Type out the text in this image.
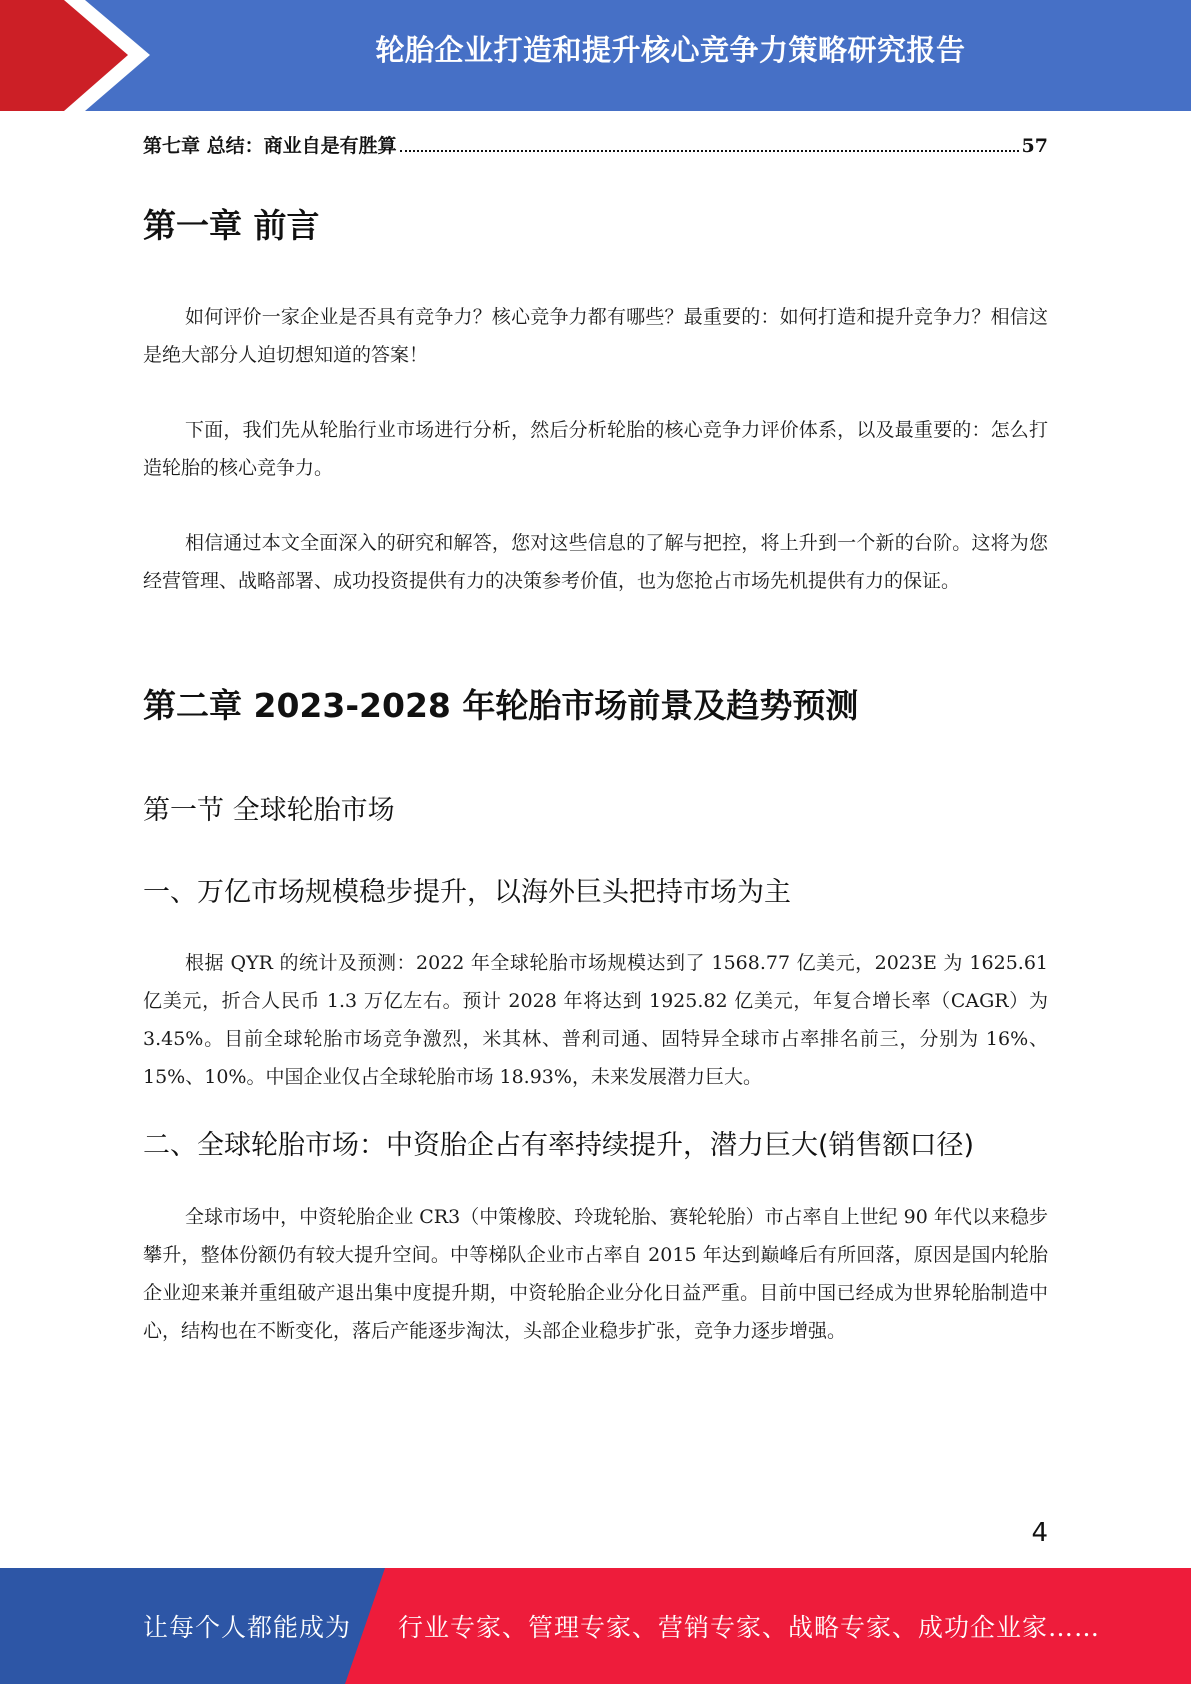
轮胎企业打造和提升核心竞争力策略研究报告
第七章 总结：商业自是有胜算	57
第一章 前言

如何评价一家企业是否具有竞争力？核心竞争力都有哪些？最重要的：如何打造和提升竞争力？相信这是绝大部分人迫切想知道的答案！

下面，我们先从轮胎行业市场进行分析，然后分析轮胎的核心竞争力评价体系，以及最重要的：怎么打造轮胎的核心竞争力。

相信通过本文全面深入的研究和解答，您对这些信息的了解与把控，将上升到一个新的台阶。这将为您经营管理、战略部署、成功投资提供有力的决策参考价值，也为您抢占市场先机提供有力的保证。

第二章 2023-2028 年轮胎市场前景及趋势预测
第一节 全球轮胎市场
一、万亿市场规模稳步提升，以海外巨头把持市场为主

根据 QYR 的统计及预测：2022 年全球轮胎市场规模达到了 1568.77 亿美元，2023E 为 1625.61 亿美元，折合人民币 1.3 万亿左右。预计 2028 年将达到 1925.82 亿美元，年复合增长率（CAGR）为 3.45%。目前全球轮胎市场竞争激烈，米其林、普利司通、固特异全球市占率排名前三，分别为 16%、15%、10%。中国企业仅占全球轮胎市场 18.93%，未来发展潜力巨大。

二、全球轮胎市场：中资胎企占有率持续提升，潜力巨大(销售额口径)

全球市场中，中资轮胎企业 CR3（中策橡胶、玲珑轮胎、赛轮轮胎）市占率自上世纪 90 年代以来稳步攀升，整体份额仍有较大提升空间。中等梯队企业市占率自 2015 年达到巅峰后有所回落，原因是国内轮胎企业迎来兼并重组破产退出集中度提升期，中资轮胎企业分化日益严重。目前中国已经成为世界轮胎制造中心，结构也在不断变化，落后产能逐步淘汰，头部企业稳步扩张，竞争力逐步增强。

4
让每个人都能成为 行业专家、管理专家、营销专家、战略专家、成功企业家……
